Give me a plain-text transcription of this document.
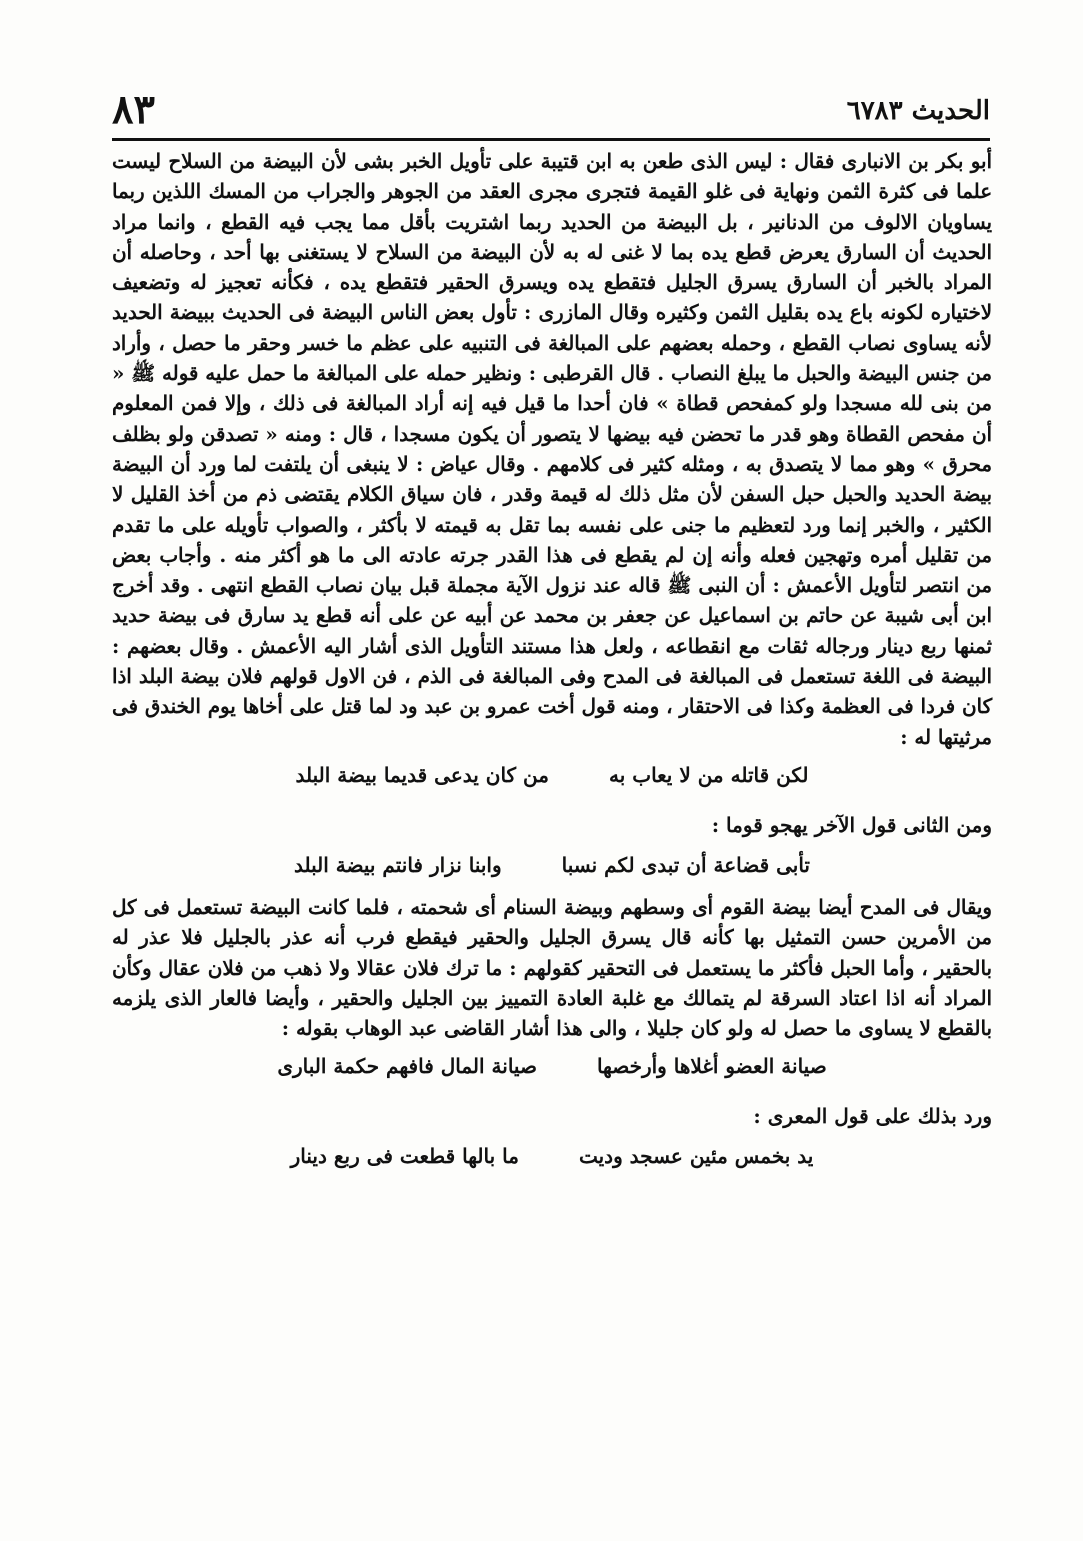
الحديث ٦٧٨٣
٨٣

أبو بكر بن الانبارى فقال : ليس الذى طعن به ابن قتيبة على تأويل الخبر بشى لأن البيضة من السلاح ليست علما فى كثرة الثمن ونهاية فى غلو القيمة فتجرى مجرى العقد من الجوهر والجراب من المسك اللذين ربما يساويان الالوف من الدنانير ، بل البيضة من الحديد ربما اشتريت بأقل مما يجب فيه القطع ، وانما مراد الحديث أن السارق يعرض قطع يده بما لا غنى له به لأن البيضة من السلاح لا يستغنى بها أحد ، وحاصله أن المراد بالخبر أن السارق يسرق الجليل فتقطع يده ويسرق الحقير فتقطع يده ، فكأنه تعجيز له وتضعيف لاختياره لكونه باع يده بقليل الثمن وكثيره وقال المازرى : تأول بعض الناس البيضة فى الحديث ببيضة الحديد لأنه يساوى نصاب القطع ، وحمله بعضهم على المبالغة فى التنبيه على عظم ما خسر وحقر ما حصل ، وأراد من جنس البيضة والحبل ما يبلغ النصاب . قال القرطبى : ونظير حمله على المبالغة ما حمل عليه قوله ﷺ « من بنى لله مسجدا ولو كمفحص قطاة » فان أحدا ما قيل فيه إنه أراد المبالغة فى ذلك ، وإلا فمن المعلوم أن مفحص القطاة وهو قدر ما تحضن فيه بيضها لا يتصور أن يكون مسجدا ، قال : ومنه « تصدقن ولو بظلف محرق » وهو مما لا يتصدق به ، ومثله كثير فى كلامهم . وقال عياض : لا ينبغى أن يلتفت لما ورد أن البيضة بيضة الحديد والحبل حبل السفن لأن مثل ذلك له قيمة وقدر ، فان سياق الكلام يقتضى ذم من أخذ القليل لا الكثير ، والخبر إنما ورد لتعظيم ما جنى على نفسه بما تقل به قيمته لا بأكثر ، والصواب تأويله على ما تقدم من تقليل أمره وتهجين فعله وأنه إن لم يقطع فى هذا القدر جرته عادته الى ما هو أكثر منه . وأجاب بعض من انتصر لتأويل الأعمش : أن النبى ﷺ قاله عند نزول الآية مجملة قبل بيان نصاب القطع انتهى . وقد أخرج ابن أبى شيبة عن حاتم بن اسماعيل عن جعفر بن محمد عن أبيه عن على أنه قطع يد سارق فى بيضة حديد ثمنها ربع دينار ورجاله ثقات مع انقطاعه ، ولعل هذا مستند التأويل الذى أشار اليه الأعمش . وقال بعضهم : البيضة فى اللغة تستعمل فى المبالغة فى المدح وفى المبالغة فى الذم ، فن الاول قولهم فلان بيضة البلد اذا كان فردا فى العظمة وكذا فى الاحتقار ، ومنه قول أخت عمرو بن عبد ود لما قتل على أخاها يوم الخندق فى مرثيتها له :

لكن قاتله من لا يعاب به
من كان يدعى قديما بيضة البلد

ومن الثانى قول الآخر يهجو قوما :

تأبى قضاعة أن تبدى لكم نسبا
وابنا نزار فانتم بيضة البلد

ويقال فى المدح أيضا بيضة القوم أى وسطهم وبيضة السنام أى شحمته ، فلما كانت البيضة تستعمل فى كل من الأمرين حسن التمثيل بها كأنه قال يسرق الجليل والحقير فيقطع فرب أنه عذر بالجليل فلا عذر له بالحقير ، وأما الحبل فأكثر ما يستعمل فى التحقير كقولهم : ما ترك فلان عقالا ولا ذهب من فلان عقال وكأن المراد أنه اذا اعتاد السرقة لم يتمالك مع غلبة العادة التمييز بين الجليل والحقير ، وأيضا فالعار الذى يلزمه بالقطع لا يساوى ما حصل له ولو كان جليلا ، والى هذا أشار القاضى عبد الوهاب بقوله :

صيانة العضو أغلاها وأرخصها
صيانة المال فافهم حكمة البارى

ورد بذلك على قول المعرى :

يد بخمس مئين عسجد وديت
ما بالها قطعت فى ربع دينار
